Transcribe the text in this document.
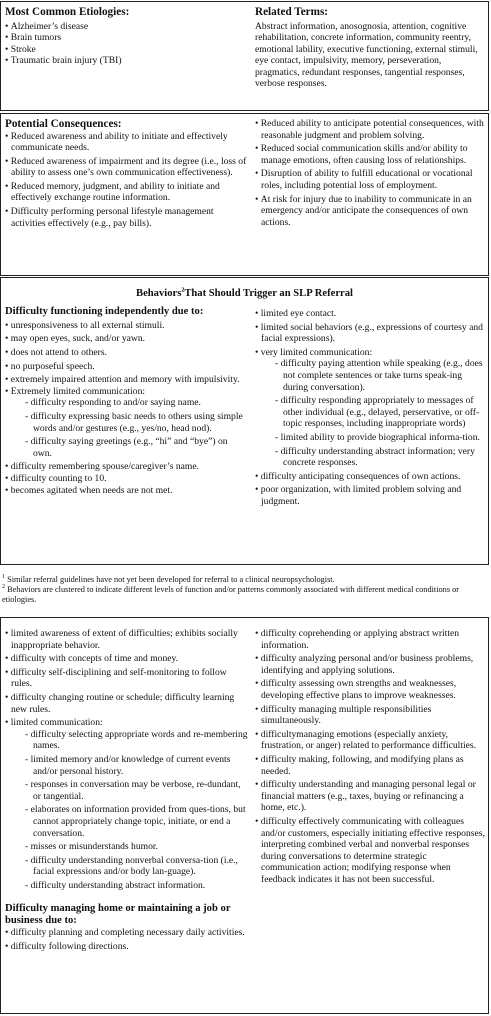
Most Common Etiologies:

• Alzheimer’s disease

• Brain tumors

• Stroke

• Traumatic brain injury (TBI)

Related Terms:

Abstract information, anosognosia, attention, cognitive rehabilitation, concrete information, community reentry, emotional lability, executive functioning, external stimuli, eye contact, impulsivity, memory, perseveration, pragmatics, redundant responses, tangential responses, verbose responses.

Potential Consequences:

• Reduced awareness and ability to initiate and effectively communicate needs.

• Reduced awareness of impairment and its degree (i.e., loss of ability to assess one’s own communication effectiveness).

• Reduced memory, judgment, and ability to initiate and effectively exchange routine information.

• Difficulty performing personal lifestyle management activities effectively (e.g., pay bills).

• Reduced ability to anticipate potential consequences, with reasonable judgment and problem solving.

• Reduced social communication skills and/or ability to manage emotions, often causing loss of relationships.

• Disruption of ability to fulfill educational or vocational roles, including potential loss of employment.

• At risk for injury due to inability to communicate in an emergency and/or anticipate the consequences of own actions.

Behaviors$^2$That Should Trigger an SLP Referral
Difficulty functioning independently due to:

• unresponsiveness to all external stimuli.

• may open eyes, suck, and/or yawn.

• does not attend to others.

• no purposeful speech.

• extremely impaired attention and memory with impulsivity.

• Extremely limited communication:

- difficulty responding to and/or saying name.

- difficulty expressing basic needs to others using simple words and/or gestures (e.g., yes/no, head nod).

- difficulty saying greetings (e.g., “hi” and “bye”) on own.

• difficulty remembering spouse/caregiver’s name.

• difficulty counting to 10.

• becomes agitated when needs are not met.

• limited eye contact.

• limited social behaviors (e.g., expressions of courtesy and facial expressions).

• very limited communication:

- difficulty paying attention while speaking (e.g., does not complete sentences or take turns speak-ing during conversation).

- difficulty responding appropriately to messages of other individual (e.g., delayed, perservative, or off-topic responses, including inappropriate words)

- limited ability to provide biographical informa-tion.

- difficulty understanding abstract information; very concrete responses.

• difficulty anticipating consequences of own actions.

• poor organization, with limited problem solving and judgment.

$^1$ Similar referral guidelines have not yet been developed for referral to a clinical neuropsychologist.

$^2$ Behaviors are clustered to indicate different levels of function and/or patterns commonly associated with different medical conditions or etiologies.

• limited awareness of extent of difficulties; exhibits socially inappropriate behavior.

• difficulty with concepts of time and money.

• difficulty self-disciplining and self-monitoring to follow rules.

• difficulty changing routine or schedule; difficulty learning new rules.

• limited communication:

- difficulty selecting appropriate words and re-membering names.

- limited memory and/or knowledge of current events and/or personal history.

- responses in conversation may be verbose, re-dundant, or tangential.

- elaborates on information provided from ques-tions, but cannot appropriately change topic, initiate, or end a conversation.

- misses or misunderstands humor.

- difficulty understanding nonverbal conversa-tion (i.e., facial expressions and/or body lan-guage).

- difficulty understanding abstract information.

Difficulty managing home or maintaining a job or business due to:

• difficulty planning and completing necessary daily activities.

• difficulty following directions.

• difficulty coprehending or applying abstract written information.

• difficulty analyzing personal and/or business problems, identifying and applying solutions.

• difficulty assessing own strengths and weaknesses, developing effective plans to improve weaknesses.

• difficulty managing multiple responsibilities simultaneously.

• difficultymanaging emotions (especially anxiety, frustration, or anger) related to performance difficulties.

• difficulty making, following, and modifying plans as needed.

• difficulty understanding and managing personal legal or financial matters (e.g., taxes, buying or refinancing a home, etc.).

• difficulty effectively communicating with colleagues and/or customers, especially initiating effective responses, interpreting combined verbal and nonverbal responses during conversations to determine strategic communication action; modifying response when feedback indicates it has not been successful.
